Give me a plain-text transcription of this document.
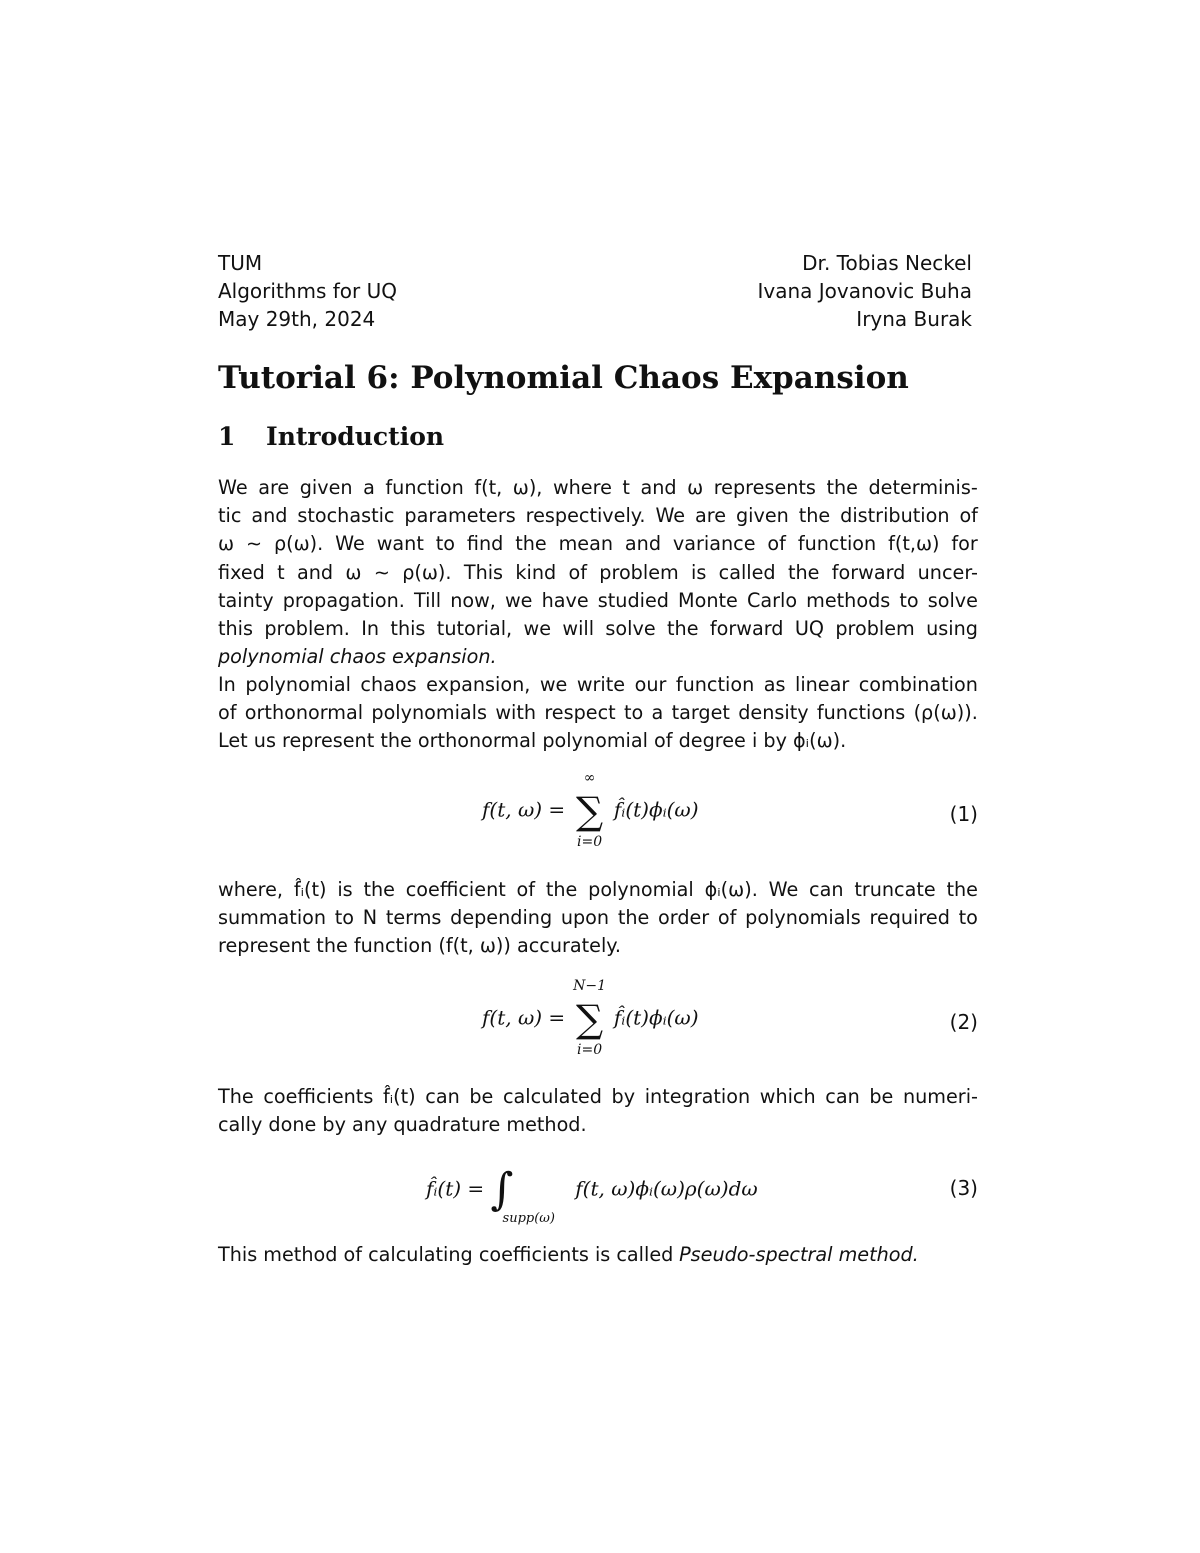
TUM	Dr. Tobias Neckel
Algorithms for UQ	Ivana Jovanovic Buha
May 29th, 2024	Iryna Burak
Tutorial 6: Polynomial Chaos Expansion
1 Introduction
We are given a function f(t, ω), where t and ω represents the determinis-
tic and stochastic parameters respectively. We are given the distribution of
ω ∼ ρ(ω). We want to find the mean and variance of function f(t,ω) for
fixed t and ω ∼ ρ(ω). This kind of problem is called the forward uncer-
tainty propagation. Till now, we have studied Monte Carlo methods to solve
this problem. In this tutorial, we will solve the forward UQ problem using
polynomial chaos expansion.
In polynomial chaos expansion, we write our function as linear combination
of orthonormal polynomials with respect to a target density functions (ρ(ω)).
Let us represent the orthonormal polynomial of degree i by ϕᵢ(ω).
f(t, ω) =
∞
∑
i=0
f̂ᵢ(t)ϕᵢ(ω)	(1)
where, f̂ᵢ(t) is the coefficient of the polynomial ϕᵢ(ω). We can truncate the
summation to N terms depending upon the order of polynomials required to
represent the function (f(t, ω)) accurately.
f(t, ω) =
N−1
∑
i=0
f̂ᵢ(t)ϕᵢ(ω)	(2)
The coefficients f̂ᵢ(t) can be calculated by integration which can be numeri-
cally done by any quadrature method.
f̂ᵢ(t) = ∫
supp(ω)
f(t, ω)ϕᵢ(ω)ρ(ω)dω	(3)
This method of calculating coefficients is called Pseudo-spectral method.
